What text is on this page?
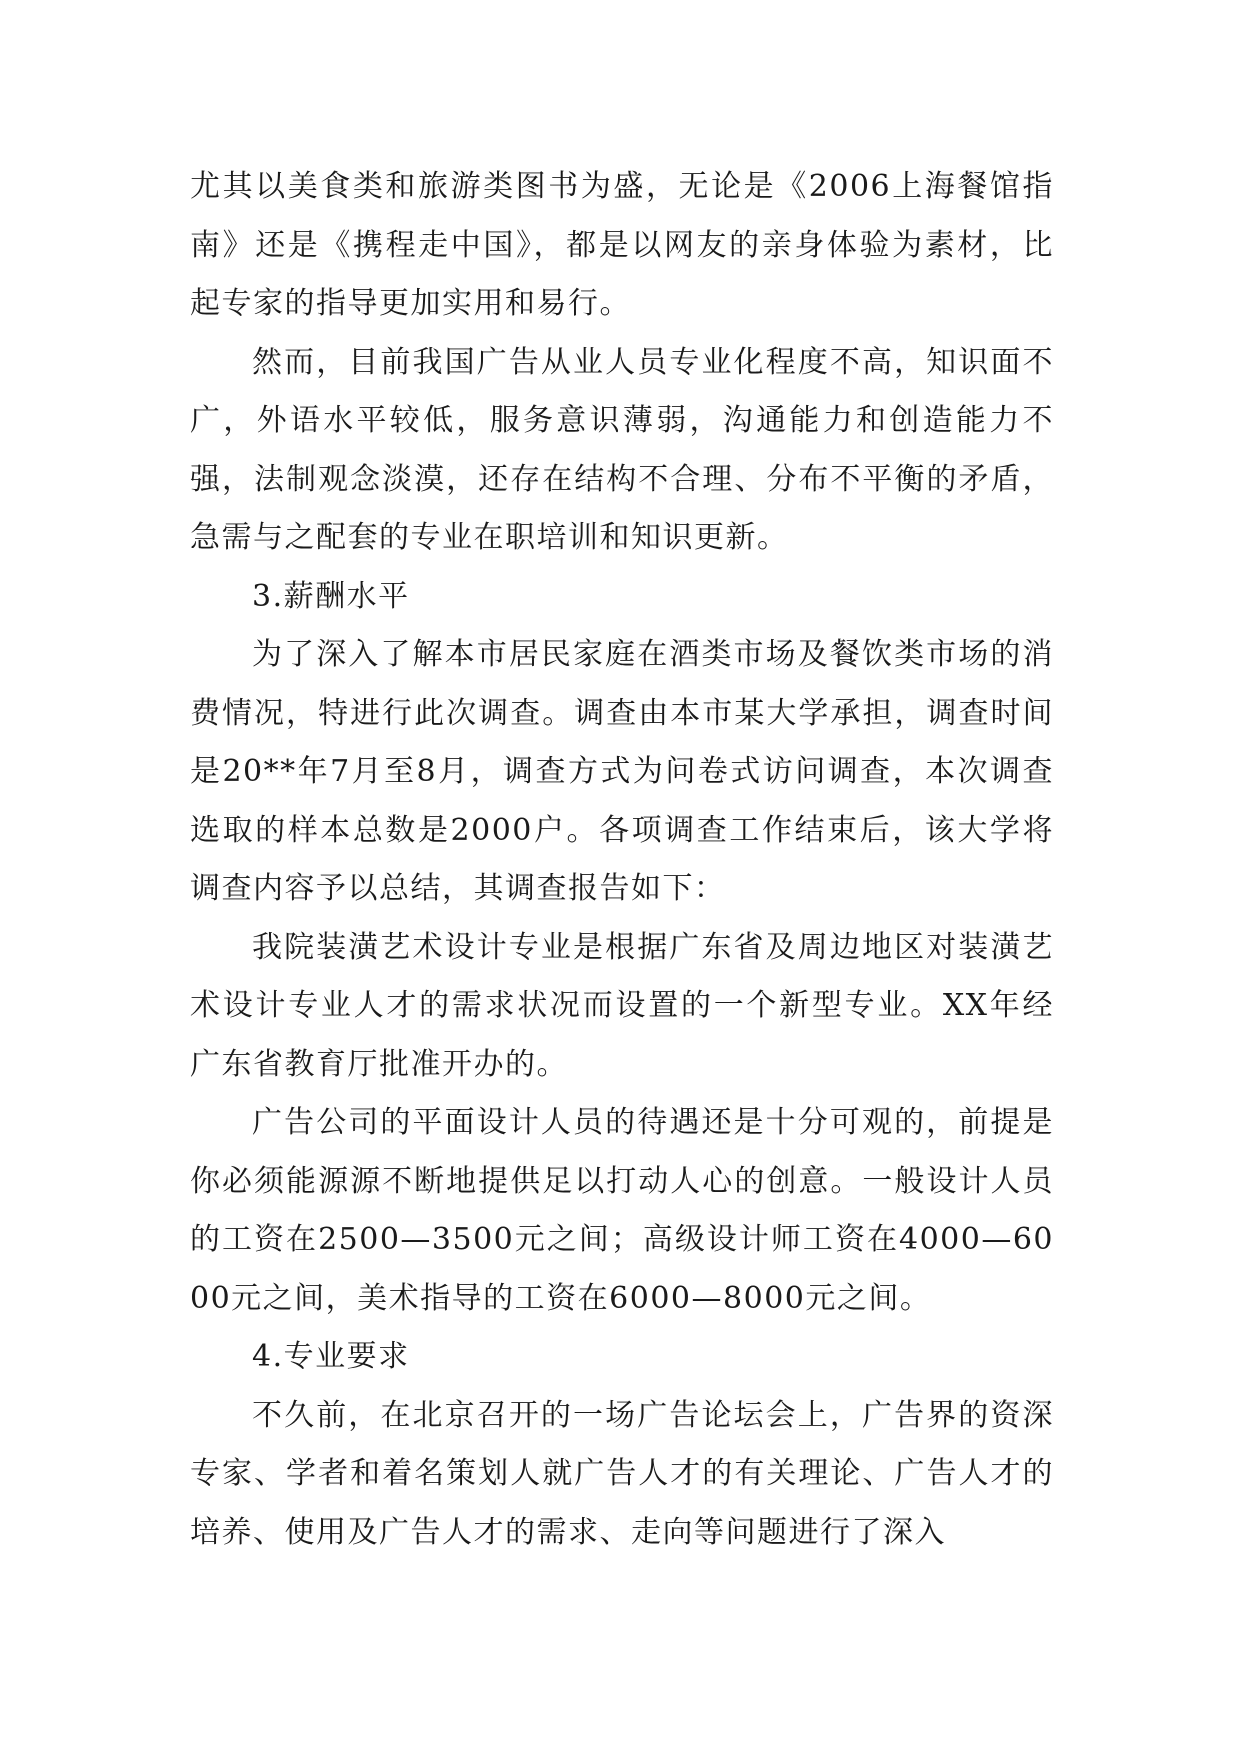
尤其以美食类和旅游类图书为盛，无论是《2006上海餐馆指南》还是《携程走中国》，都是以网友的亲身体验为素材，比起专家的指导更加实用和易行。

然而，目前我国广告从业人员专业化程度不高，知识面不广，外语水平较低，服务意识薄弱，沟通能力和创造能力不强，法制观念淡漠，还存在结构不合理、分布不平衡的矛盾，急需与之配套的专业在职培训和知识更新。

3.薪酬水平

为了深入了解本市居民家庭在酒类市场及餐饮类市场的消费情况，特进行此次调查。调查由本市某大学承担，调查时间是20**年7月至8月，调查方式为问卷式访问调查，本次调查选取的样本总数是2000户。各项调查工作结束后，该大学将调查内容予以总结，其调查报告如下：

我院装潢艺术设计专业是根据广东省及周边地区对装潢艺术设计专业人才的需求状况而设置的一个新型专业。XX年经广东省教育厅批准开办的。

广告公司的平面设计人员的待遇还是十分可观的，前提是你必须能源源不断地提供足以打动人心的创意。一般设计人员的工资在2500—3500元之间；高级设计师工资在4000—6000元之间，美术指导的工资在6000—8000元之间。

4.专业要求

不久前，在北京召开的一场广告论坛会上，广告界的资深专家、学者和着名策划人就广告人才的有关理论、广告人才的培养、使用及广告人才的需求、走向等问题进行了深入
